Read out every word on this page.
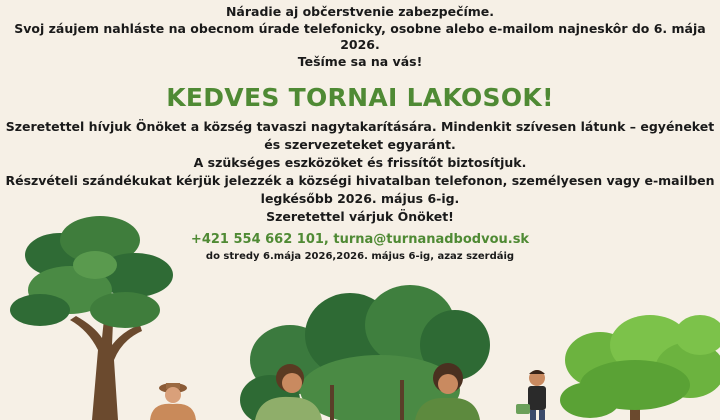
Náradie aj občerstvenie zabezpečíme.

Svoj záujem nahláste na obecnom úrade telefonicky, osobne alebo e-mailom najneskôr do 6. mája

2026.

Tešíme sa na vás!

KEDVES TORNAI LAKOSOK!

Szeretettel hívjuk Önöket a község tavaszi nagytakarítására. Mindenkit szívesen látunk – egyéneket

és szervezeteket egyaránt.

A szükséges eszközöket és frissítőt biztosítjuk.

Részvételi szándékukat kérjük jelezzék a községi hivatalban telefonon, személyesen vagy e-mailben

legkésőbb 2026. május 6-ig.

Szeretettel várjuk Önöket!

+421 554 662 101, turna@turnanadbodvou.sk
do stredy 6.mája 2026,2026. május 6-ig, azaz szerdáig
